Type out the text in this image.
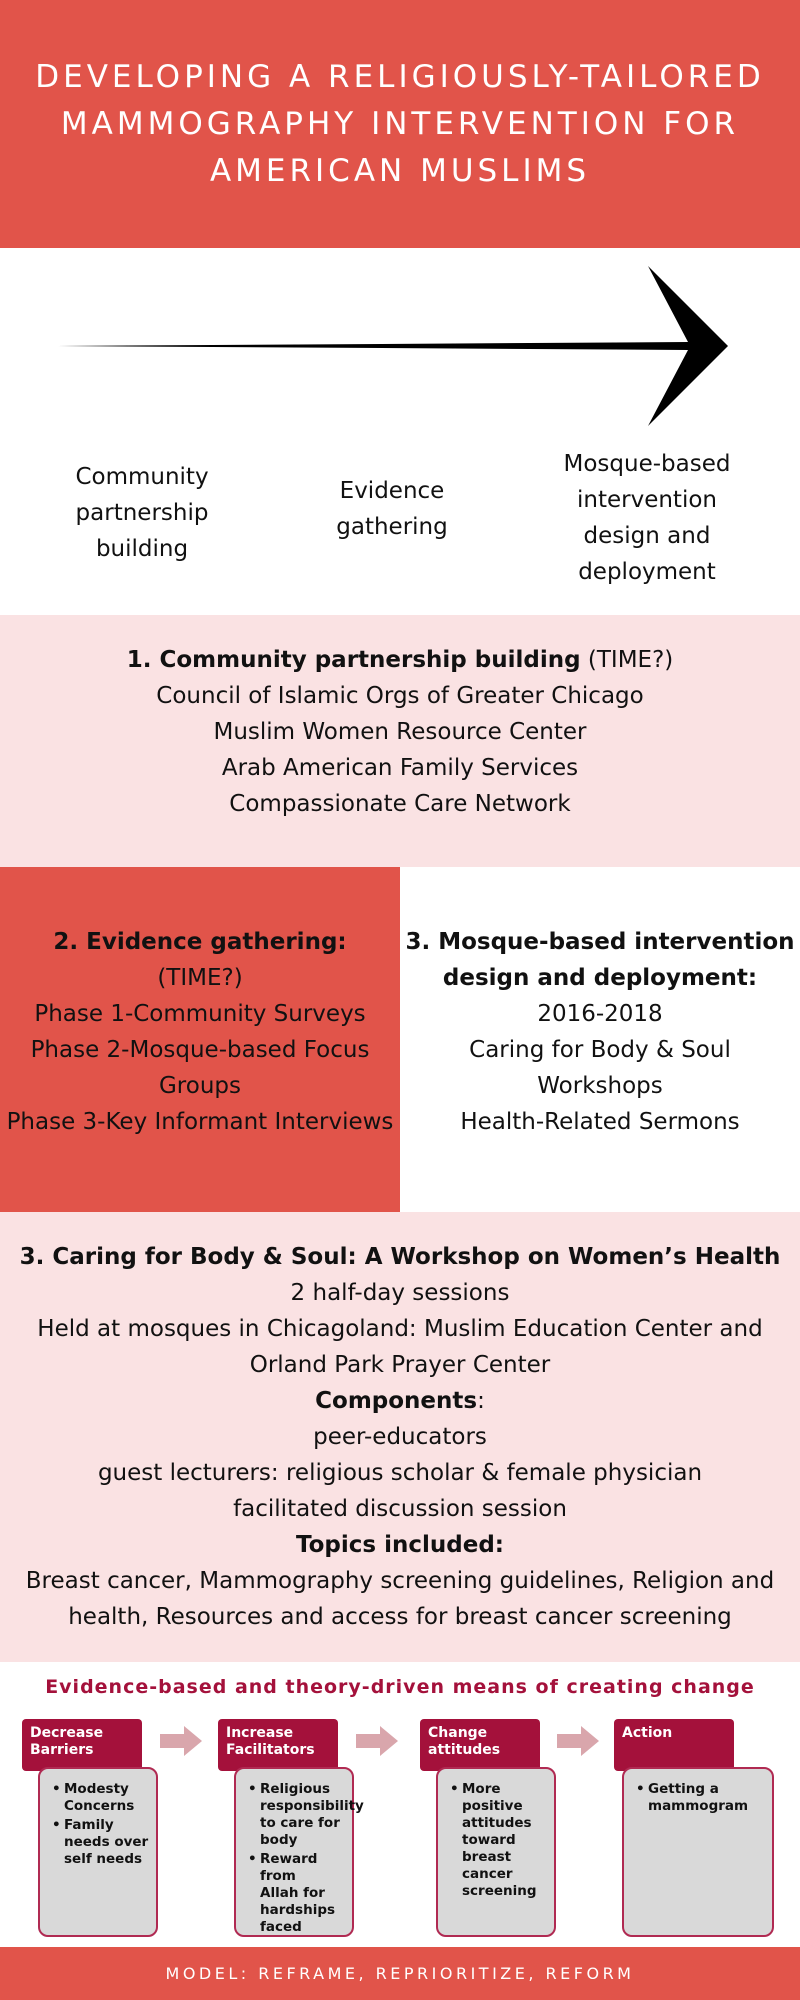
DEVELOPING A RELIGIOUSLY-TAILORED
MAMMOGRAPHY INTERVENTION FOR
AMERICAN MUSLIMS
Community
partnership
building
Evidence
gathering
Mosque-based
intervention
design and
deployment
1. Community partnership building (TIME?)
Council of Islamic Orgs of Greater Chicago
Muslim Women Resource Center
Arab American Family Services
Compassionate Care Network
2. Evidence gathering:
(TIME?)
Phase 1-Community Surveys
Phase 2-Mosque-based Focus
Groups
Phase 3-Key Informant Interviews
3. Mosque-based intervention
design and deployment:
2016-2018
Caring for Body & Soul
Workshops
Health-Related Sermons
3. Caring for Body & Soul: A Workshop on Women’s Health
2 half-day sessions
Held at mosques in Chicagoland: Muslim Education Center and
Orland Park Prayer Center
Components:
peer-educators
guest lecturers: religious scholar & female physician
facilitated discussion session
Topics included:
Breast cancer, Mammography screening guidelines, Religion and
health, Resources and access for breast cancer screening
Evidence-based and theory-driven means of creating change
Decrease
Barriers
• Modesty
Concerns
• Family
needs over
self needs
Increase
Facilitators
• Religious
responsibility
to care for
body
• Reward from
Allah for
hardships
faced
Change
attitudes
• More
positive
attitudes
toward
breast
cancer
screening
Action
• Getting a
mammogram
MODEL: REFRAME, REPRIORITIZE, REFORM
